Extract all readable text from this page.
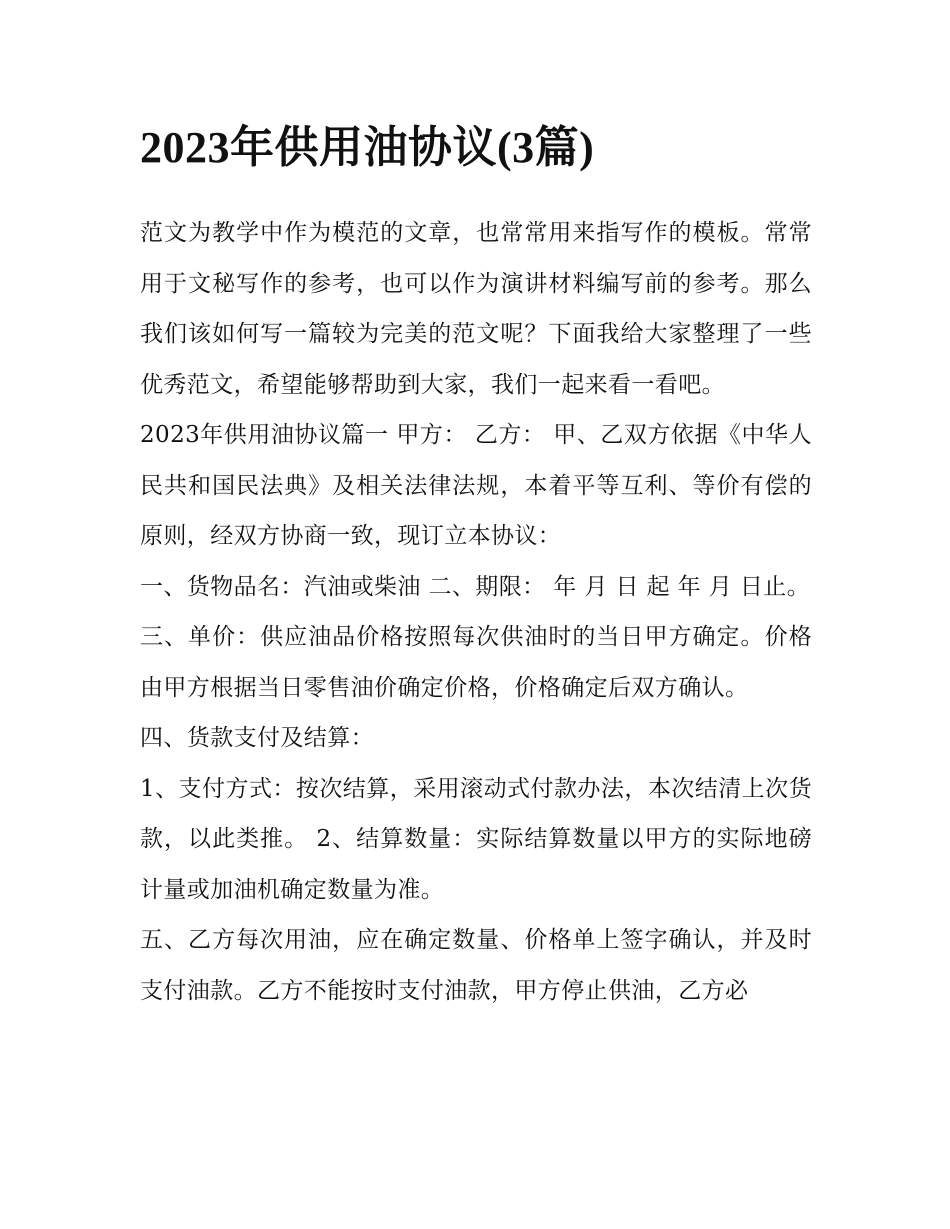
2023年供用油协议(3篇)

范文为教学中作为模范的文章，也常常用来指写作的模板。常常用于文秘写作的参考，也可以作为演讲材料编写前的参考。那么我们该如何写一篇较为完美的范文呢？下面我给大家整理了一些优秀范文，希望能够帮助到大家，我们一起来看一看吧。

2023年供用油协议篇一 甲方： 乙方： 甲、乙双方依据《中华人民共和国民法典》及相关法律法规，本着平等互利、等价有偿的原则，经双方协商一致，现订立本协议：

一、货物品名：汽油或柴油 二、期限： 年 月 日 起 年 月 日止。

三、单价：供应油品价格按照每次供油时的当日甲方确定。价格由甲方根据当日零售油价确定价格，价格确定后双方确认。

四、货款支付及结算：

1、支付方式：按次结算，采用滚动式付款办法，本次结清上次货款，以此类推。 2、结算数量：实际结算数量以甲方的实际地磅计量或加油机确定数量为准。

五、乙方每次用油，应在确定数量、价格单上签字确认，并及时支付油款。乙方不能按时支付油款，甲方停止供油，乙方必
